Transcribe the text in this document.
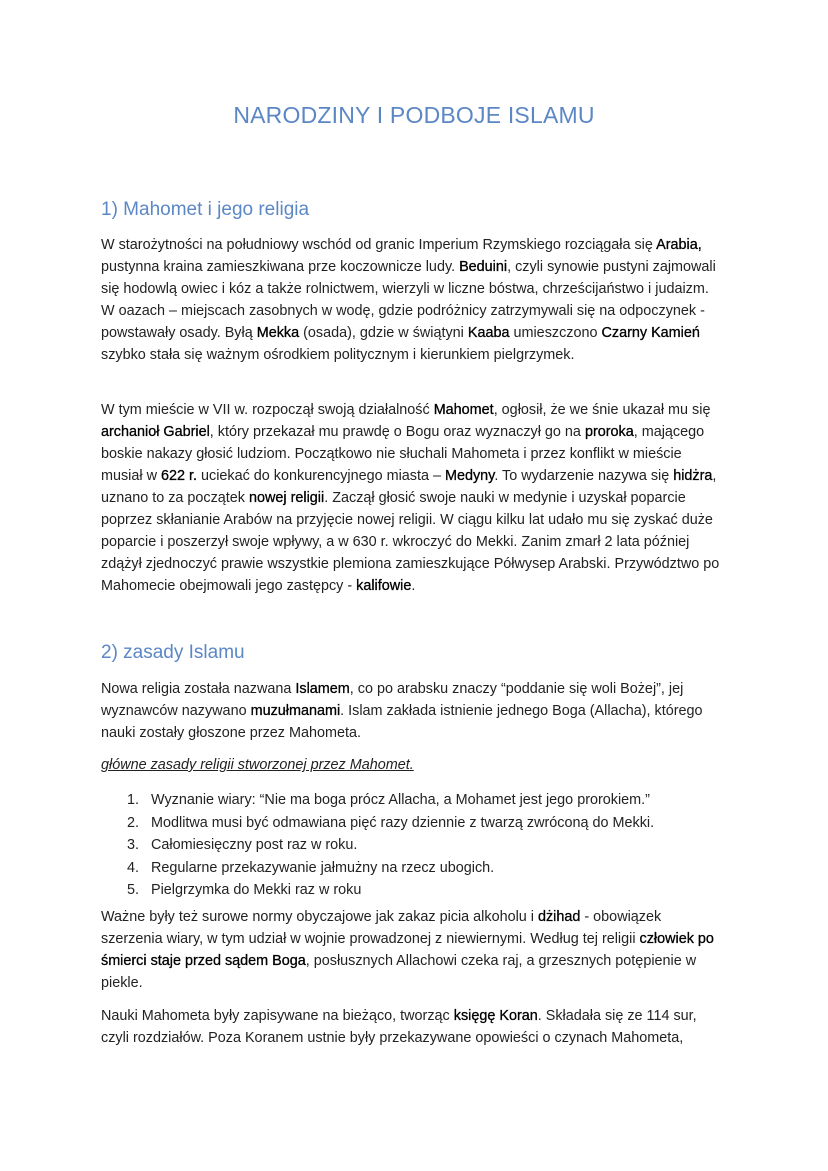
NARODZINY I PODBOJE ISLAMU
1) Mahomet i jego religia

W starożytności na południowy wschód od granic Imperium Rzymskiego rozciągała się Arabia, pustynna kraina zamieszkiwana prze koczownicze ludy. Beduini, czyli synowie pustyni zajmowali się hodowlą owiec i kóz a także rolnictwem, wierzyli w liczne bóstwa, chrześcijaństwo i judaizm. W oazach – miejscach zasobnych w wodę, gdzie podróżnicy zatrzymywali się na odpoczynek - powstawały osady. Byłą Mekka (osada), gdzie w świątyni Kaaba umieszczono Czarny Kamień szybko stała się ważnym ośrodkiem politycznym i kierunkiem pielgrzymek.

W tym mieście w VII w. rozpoczął swoją działalność Mahomet, ogłosił, że we śnie ukazał mu się archanioł Gabriel, który przekazał mu prawdę o Bogu oraz wyznaczył go na proroka, mającego boskie nakazy głosić ludziom. Początkowo nie słuchali Mahometa i przez konflikt w mieście musiał w 622 r. uciekać do konkurencyjnego miasta – Medyny. To wydarzenie nazywa się hidżra, uznano to za początek nowej religii. Zaczął głosić swoje nauki w medynie i uzyskał poparcie poprzez skłanianie Arabów na przyjęcie nowej religii. W ciągu kilku lat udało mu się zyskać duże poparcie i poszerzył swoje wpływy, a w 630 r. wkroczyć do Mekki. Zanim zmarł 2 lata później zdążył zjednoczyć prawie wszystkie plemiona zamieszkujące Półwysep Arabski. Przywództwo po Mahomecie obejmowali jego zastępcy - kalifowie.

2) zasady Islamu

Nowa religia została nazwana Islamem, co po arabsku znaczy “poddanie się woli Bożej”, jej wyznawców nazywano muzułmanami. Islam zakłada istnienie jednego Boga (Allacha), którego nauki zostały głoszone przez Mahometa.

główne zasady religii stworzonej przez Mahomet.
1. Wyznanie wiary: “Nie ma boga prócz Allacha, a Mohamet jest jego prorokiem.”
2. Modlitwa musi być odmawiana pięć razy dziennie z twarzą zwróconą do Mekki.
3. Całomiesięczny post raz w roku.
4. Regularne przekazywanie jałmużny na rzecz ubogich.
5. Pielgrzymka do Mekki raz w roku

Ważne były też surowe normy obyczajowe jak zakaz picia alkoholu i dżihad - obowiązek szerzenia wiary, w tym udział w wojnie prowadzonej z niewiernymi. Według tej religii człowiek po śmierci staje przed sądem Boga, posłusznych Allachowi czeka raj, a grzesznych potępienie w piekle.

Nauki Mahometa były zapisywane na bieżąco, tworząc księgę Koran. Składała się ze 114 sur, czyli rozdziałów. Poza Koranem ustnie były przekazywane opowieści o czynach Mahometa,
